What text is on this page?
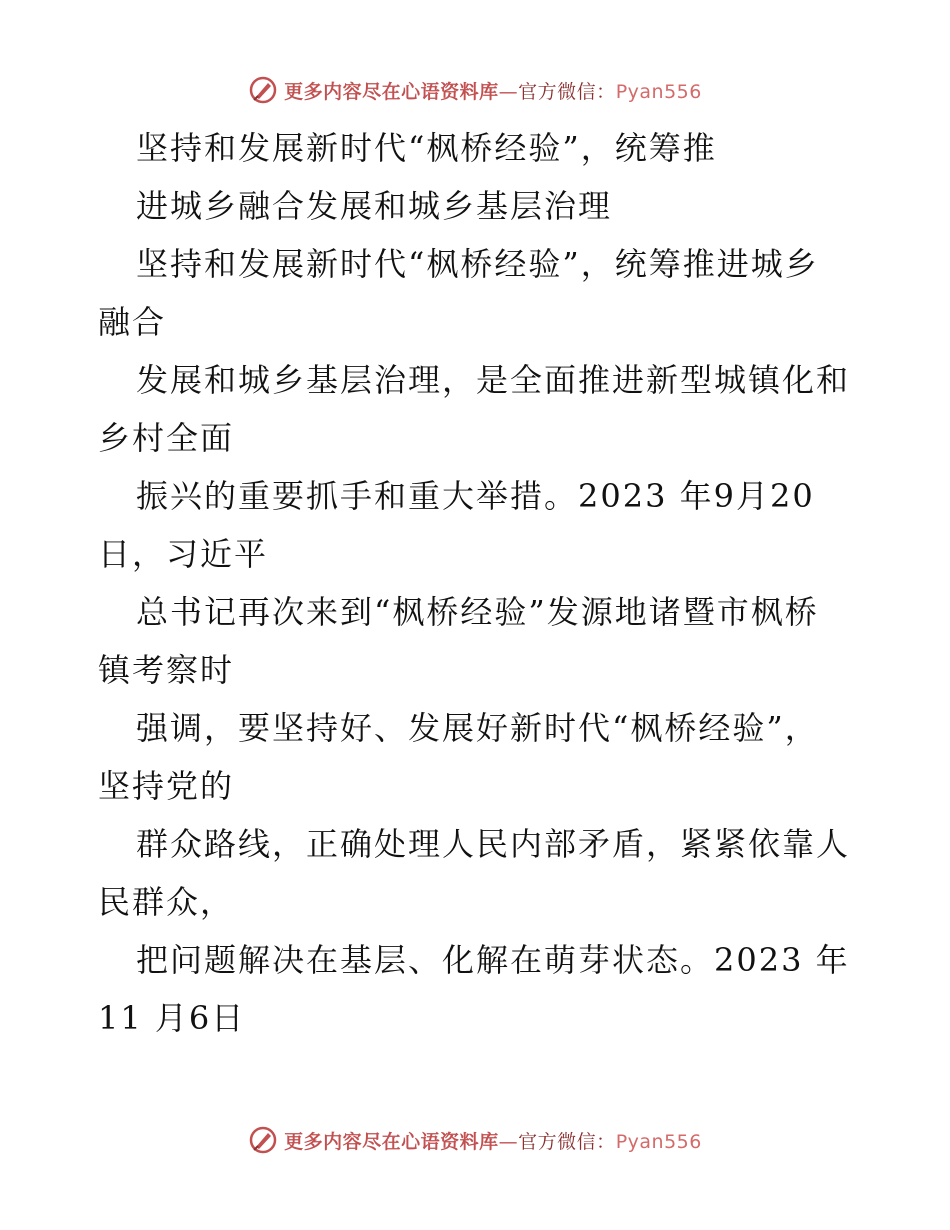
更多内容尽在心语资料库—官方微信：Pyan556
坚持和发展新时代“枫桥经验”，统筹推
进城乡融合发展和城乡基层治理
坚持和发展新时代“枫桥经验”，统筹推进城乡
融合
发展和城乡基层治理，是全面推进新型城镇化和
乡村全面
振兴的重要抓手和重大举措。2023 年9月20
日，习近平
总书记再次来到“枫桥经验”发源地诸暨市枫桥
镇考察时
强调，要坚持好、发展好新时代“枫桥经验”，
坚持党的
群众路线，正确处理人民内部矛盾，紧紧依靠人
民群众，
把问题解决在基层、化解在萌芽状态。2023 年
11 月6日
更多内容尽在心语资料库—官方微信：Pyan556
